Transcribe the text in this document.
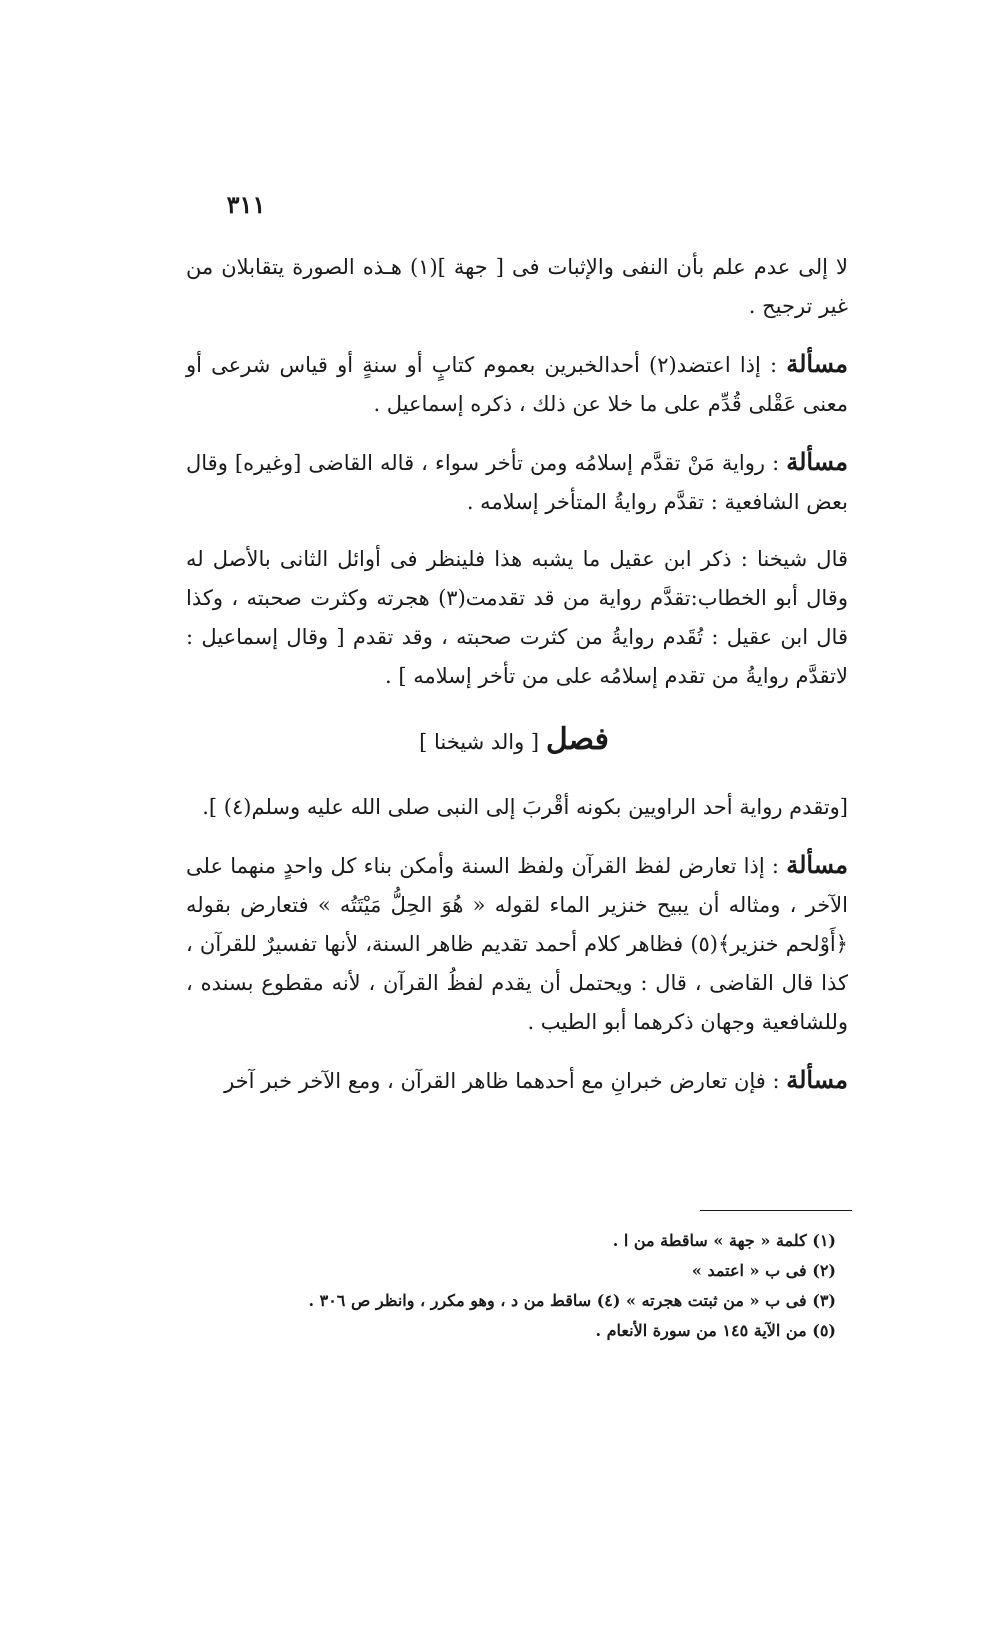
٣١١

لا إلى عدم علم بأن النفى والإثبات فى [ جهة ](١) هـذه الصورة يتقابلان من غير ترجيح .

مسألة : إذا اعتضد(٢) أحدالخبرين بعموم كتابٍ أو سنةٍ أو قياس شرعى أو معنى عَقْلى قُدِّم على ما خلا عن ذلك ، ذكره إسماعيل .

مسألة : رواية مَنْ تقدَّم إسلامُه ومن تأخر سواء ، قاله القاضى [وغيره] وقال بعض الشافعية : تقدَّم روايةُ المتأخر إسلامه .

قال شيخنا : ذكر ابن عقيل ما يشبه هذا فلينظر فى أوائل الثانى بالأصل له وقال أبو الخطاب:تقدَّم رواية من قد تقدمت(٣) هجرته وكثرت صحبته ، وكذا قال ابن عقيل : تُقَدم روايةُ من كثرت صحبته ، وقد تقدم [ وقال إسماعيل : لاتقدَّم روايةُ من تقدم إسلامُه على من تأخر إسلامه ] .

فصل [ والد شيخنا ]

[وتقدم رواية أحد الراويين بكونه أقْربَ إلى النبى صلى الله عليه وسلم(٤) ].

مسألة : إذا تعارض لفظ القرآن ولفظ السنة وأمكن بناء كل واحدٍ منهما على الآخر ، ومثاله أن يبيح خنزير الماء لقوله « هُوَ الحِلُّ مَيْتَتُه » فتعارض بقوله ﴿أَوْلحم خنزير﴾(٥) فظاهر كلام أحمد تقديم ظاهر السنة، لأنها تفسيرٌ للقرآن ، كذا قال القاضى ، قال : ويحتمل أن يقدم لفظُ القرآن ، لأنه مقطوع بسنده ، وللشافعية وجهان ذكرهما أبو الطيب .

مسألة : فإن تعارض خبرانِ مع أحدهما ظاهر القرآن ، ومع الآخر خبر آخر

(١) كلمة « جهة » ساقطة من ا .
(٢) فى ب « اعتمد »
(٣) فى ب « من ثبتت هجرته » (٤) ساقط من د ، وهو مكرر ، وانظر ص ٣٠٦ .
(٥) من الآية ١٤٥ من سورة الأنعام .
